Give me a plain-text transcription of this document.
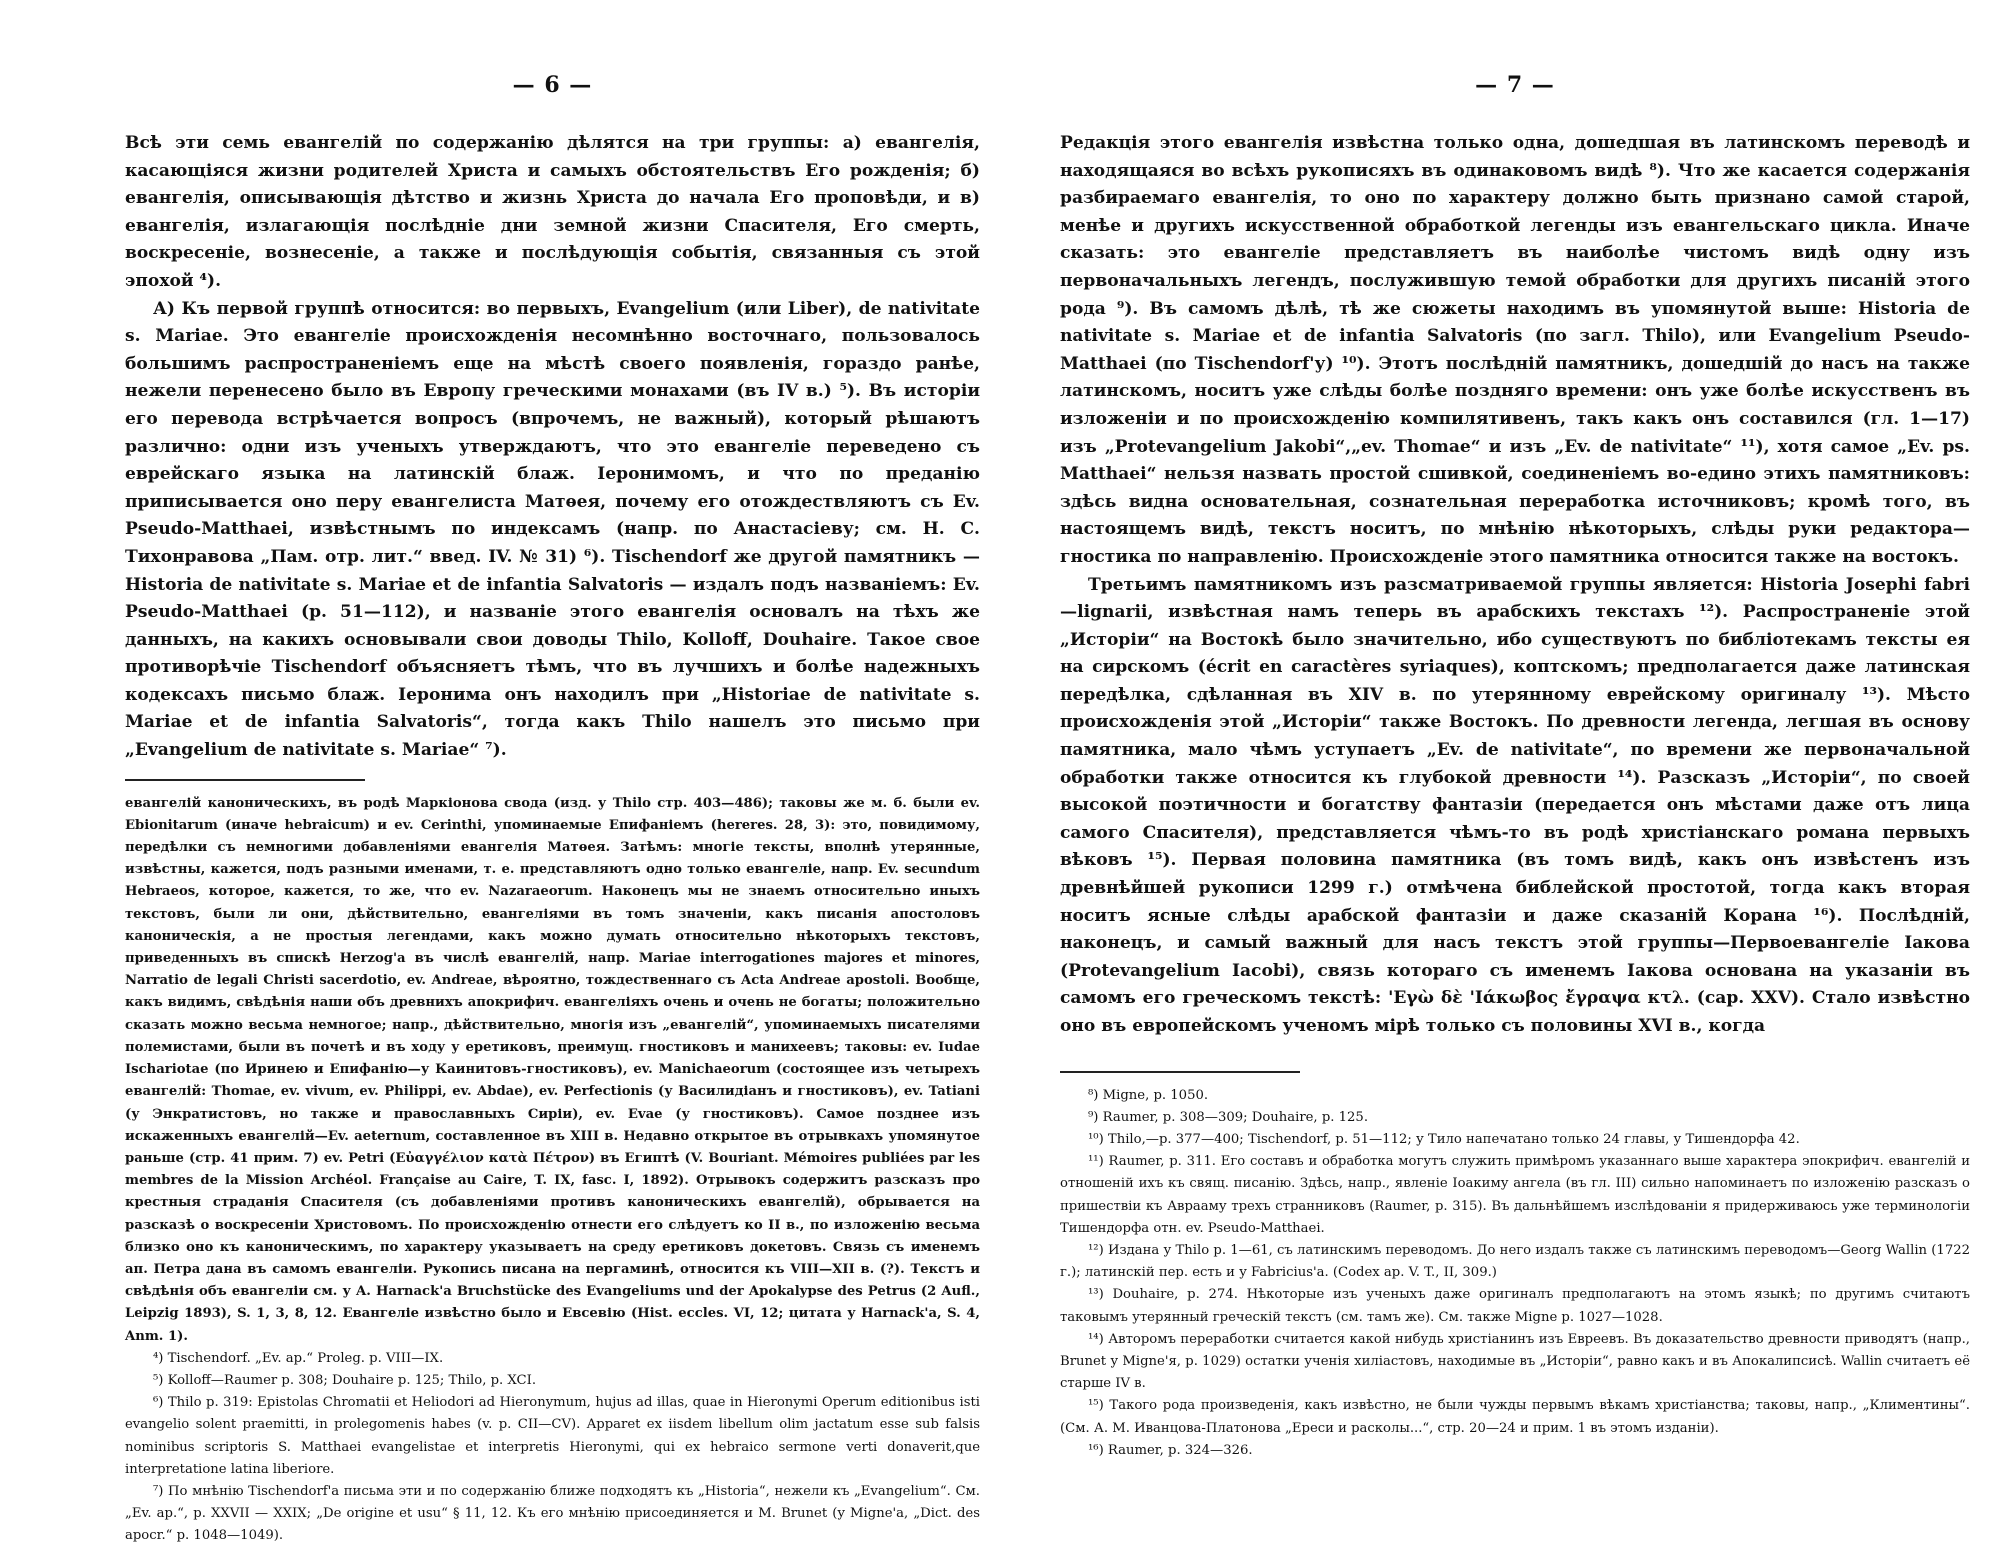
— 6 —

Всѣ эти семь евангелій по содержанію дѣлятся на три группы: а) евангелія, касающіяся жизни родителей Христа и самыхъ обстоятельствъ Его рожденія; б) евангелія, описывающія дѣтство и жизнь Христа до начала Его проповѣди, и в) евангелія, излагающія послѣдніе дни земной жизни Спасителя, Его смерть, воскресеніе, вознесеніе, а также и послѣдующія событія, связанныя съ этой эпохой ⁴).

А) Къ первой группѣ относится: во первыхъ, Evangelium (или Liber), de nativitate s. Mariae. Это евангеліе происхожденія несомнѣнно восточнаго, пользовалось большимъ распространеніемъ еще на мѣстѣ своего появленія, гораздо ранѣе, нежели перенесено было въ Европу греческими монахами (въ IV в.) ⁵). Въ исторіи его перевода встрѣчается вопросъ (впрочемъ, не важный), который рѣшаютъ различно: одни изъ ученыхъ утверждаютъ, что это евангеліе переведено съ еврейскаго языка на латинскій блаж. Іеронимомъ, и что по преданію приписывается оно перу евангелиста Матѳея, почему его отождествляютъ съ Ev. Pseudo-Matthaei, извѣстнымъ по индексамъ (напр. по Анастасіеву; см. Н. С. Тихонравова „Пам. отр. лит.“ введ. IV. № 31) ⁶). Tischendorf же другой памятникъ — Historia de nativitate s. Mariae et de infantia Salvatoris — издалъ подъ названіемъ: Ev. Pseudo-Matthaei (p. 51—112), и названіе этого евангелія основалъ на тѣхъ же данныхъ, на какихъ основывали свои доводы Thilo, Kolloff, Douhaire. Такое свое противорѣчіе Tischendorf объясняетъ тѣмъ, что въ лучшихъ и болѣе надежныхъ кодексахъ письмо блаж. Іеронима онъ находилъ при „Historiae de nativitate s. Mariae et de infantia Salvatoris“, тогда какъ Thilo нашелъ это письмо при „Evangelium de nativitate s. Mariae“ ⁷).

евангелій каноническихъ, въ родѣ Маркіонова свода (изд. у Thilo стр. 403—486); таковы же м. б. были ev. Ebionitarum (иначе hebraicum) и ev. Cerinthi, упоминаемые Епифаніемъ (hereres. 28, 3): это, повидимому, передѣлки съ немногими добавленіями евангелія Матѳея. Затѣмъ: многіе тексты, вполнѣ утерянные, извѣстны, кажется, подъ разными именами, т. е. представляютъ одно только евангеліе, напр. Ev. secundum Hebraeos, которое, кажется, то же, что ev. Nazaraeorum. Наконецъ мы не знаемъ относительно иныхъ текстовъ, были ли они, дѣйствительно, евангеліями въ томъ значеніи, какъ писанія апостоловъ каноническія, а не простыя легендами, какъ можно думать относительно нѣкоторыхъ текстовъ, приведенныхъ въ спискѣ Herzog'а въ числѣ евангелій, напр. Mariae interrogationes majores et minores, Narratio de legali Christi sacerdotio, ev. Andreae, вѣроятно, тождественнаго съ Acta Andreae apostoli. Вообще, какъ видимъ, свѣдѣнія наши объ древнихъ апокрифич. евангеліяхъ очень и очень не богаты; положительно сказать можно весьма немногое; напр., дѣйствительно, многія изъ „евангелій“, упоминаемыхъ писателями полемистами, были въ почетѣ и въ ходу у еретиковъ, преимущ. гностиковъ и манихеевъ; таковы: ev. Iudae Ischariotae (по Иринею и Епифанію—у Каинитовъ-гностиковъ), ev. Manichaeorum (состоящее изъ четырехъ евангелій: Thomae, ev. vivum, ev. Philippi, ev. Abdae), ev. Perfectionis (у Василидіанъ и гностиковъ), ev. Tatiani (у Энкратистовъ, но также и православныхъ Сиріи), ev. Evae (у гностиковъ). Самое позднее изъ искаженныхъ евангелій—Ev. aeternum, составленное въ XIII в. Недавно открытое въ отрывкахъ упомянутое раньше (стр. 41 прим. 7) ev. Petri (Εὐαγγέλιον κατὰ Πέτρον) въ Египтѣ (V. Bouriant. Mémoires publiées par les membres de la Mission Archéol. Française au Caire, T. IX, fasc. I, 1892). Отрывокъ содержитъ разсказъ про крестныя страданія Спасителя (съ добавленіями противъ каноническихъ евангелій), обрывается на разсказѣ о воскресеніи Христовомъ. По происхожденію отнести его слѣдуетъ ко II в., по изложенію весьма близко оно къ каноническимъ, по характеру указываетъ на среду еретиковъ докетовъ. Связь съ именемъ ап. Петра дана въ самомъ евангеліи. Рукопись писана на пергаминѣ, относится къ VIII—XII в. (?). Текстъ и свѣдѣнія объ евангеліи см. у A. Harnack'а Bruchstücke des Evangeliums und der Apokalypse des Petrus (2 Aufl., Leipzig 1893), S. 1, 3, 8, 12. Евангеліе извѣстно было и Евсевію (Hist. eccles. VI, 12; цитата у Harnack'а, S. 4, Anm. 1).

⁴) Tischendorf. „Ev. ap.“ Proleg. p. VIII—IX.

⁵) Kolloff—Raumer p. 308; Douhaire p. 125; Thilo, p. XCI.

⁶) Thilo p. 319: Epistolas Chromatii et Heliodori ad Hieronymum, hujus ad illas, quae in Hieronymi Operum editionibus isti evangelio solent praemitti, in prolegomenis habes (v. p. CII—CV). Apparet ex iisdem libellum olim jactatum esse sub falsis nominibus scriptoris S. Matthaei evangelistae et interpretis Hieronymi, qui ex hebraico sermone verti donaverit,que interpretatione latina liberiore.

⁷) По мнѣнію Tischendorf'а письма эти и по содержанію ближе подходятъ къ „Historia“, нежели къ „Evangelium“. См. „Ev. ap.“, p. XXVII — XXIX; „De origine et usu“ § 11, 12. Къ его мнѣнію присоединяется и M. Brunet (y Migne'a, „Dict. des apocr.“ p. 1048—1049).

— 7 —

Редакція этого евангелія извѣстна только одна, дошедшая въ латинскомъ переводѣ и находящаяся во всѣхъ рукописяхъ въ одинаковомъ видѣ ⁸). Что же касается содержанія разбираемаго евангелія, то оно по характеру должно быть признано самой старой, менѣе и другихъ искусственной обработкой легенды изъ евангельскаго цикла. Иначе сказать: это евангеліе представляетъ въ наиболѣе чистомъ видѣ одну изъ первоначальныхъ легендъ, послужившую темой обработки для другихъ писаній этого рода ⁹). Въ самомъ дѣлѣ, тѣ же сюжеты находимъ въ упомянутой выше: Historia de nativitate s. Mariae et de infantia Salvatoris (по загл. Thilo), или Evangelium Pseudo-Matthaei (по Tischendorf'у) ¹⁰). Этотъ послѣдній памятникъ, дошедшій до насъ на также латинскомъ, носитъ уже слѣды болѣе поздняго времени: онъ уже болѣе искусственъ въ изложеніи и по происхожденію компилятивенъ, такъ какъ онъ составился (гл. 1—17) изъ „Protevangelium Jakobi“,„ev. Thomae“ и изъ „Ev. de nativitate“ ¹¹), хотя самое „Ev. ps. Matthaei“ нельзя назвать простой сшивкой, соединеніемъ во-едино этихъ памятниковъ: здѣсь видна основательная, сознательная переработка источниковъ; кромѣ того, въ настоящемъ видѣ, текстъ носитъ, по мнѣнію нѣкоторыхъ, слѣды руки редактора—гностика по направленію. Происхожденіе этого памятника относится также на востокъ.

Третьимъ памятникомъ изъ разсматриваемой группы является: Historia Josephi fabri—lignarii, извѣстная намъ теперь въ арабскихъ текстахъ ¹²). Распространеніе этой „Исторіи“ на Востокѣ было значительно, ибо существуютъ по библіотекамъ тексты ея на сирскомъ (écrit en caractères syriaques), коптскомъ; предполагается даже латинская передѣлка, сдѣланная въ XIV в. по утерянному еврейскому оригиналу ¹³). Мѣсто происхожденія этой „Исторіи“ также Востокъ. По древности легенда, легшая въ основу памятника, мало чѣмъ уступаетъ „Ev. de nativitate“, по времени же первоначальной обработки также относится къ глубокой древности ¹⁴). Разсказъ „Исторіи“, по своей высокой поэтичности и богатству фантазіи (передается онъ мѣстами даже отъ лица самого Спасителя), представляется чѣмъ-то въ родѣ христіанскаго романа первыхъ вѣковъ ¹⁵). Первая половина памятника (въ томъ видѣ, какъ онъ извѣстенъ изъ древнѣйшей рукописи 1299 г.) отмѣчена библейской простотой, тогда какъ вторая носитъ ясные слѣды арабской фантазіи и даже сказаній Корана ¹⁶). Послѣдній, наконецъ, и самый важный для насъ текстъ этой группы—Первоевангеліе Іакова (Protevangelium Iacobi), связь котораго съ именемъ Іакова основана на указаніи въ самомъ его греческомъ текстѣ: 'Εγὼ δὲ 'Ιάκωβος ἔγραψα κτλ. (cap. XXV). Стало извѣстно оно въ европейскомъ ученомъ мірѣ только съ половины XVI в., когда

⁸) Migne, p. 1050.

⁹) Raumer, p. 308—309; Douhaire, p. 125.

¹⁰) Thilo,—p. 377—400; Tischendorf, p. 51—112; у Тило напечатано только 24 главы, у Тишендорфа 42.

¹¹) Raumer, p. 311. Его составъ и обработка могутъ служить примѣромъ указаннаго выше характера эпокрифич. евангелій и отношеній ихъ къ свящ. писанію. Здѣсь, напр., явленіе Іоакиму ангела (въ гл. III) сильно напоминаетъ по изложенію разсказъ о пришествіи къ Аврааму трехъ странниковъ (Raumer, p. 315). Въ дальнѣйшемъ изслѣдованіи я придерживаюсь уже терминологіи Тишендорфа отн. ev. Pseudo-Matthaei.

¹²) Издана у Thilo p. 1—61, съ латинскимъ переводомъ. До него издалъ также съ латинскимъ переводомъ—Georg Wallin (1722 г.); латинскій пер. есть и у Fabricius'а. (Codex ap. V. T., II, 309.)

¹³) Douhaire, p. 274. Нѣкоторые изъ ученыхъ даже оригиналъ предполагаютъ на этомъ языкѣ; по другимъ считаютъ таковымъ утерянный греческій текстъ (см. тамъ же). См. также Migne p. 1027—1028.

¹⁴) Авторомъ переработки считается какой нибудь христіанинъ изъ Евреевъ. Въ доказательство древности приводятъ (напр., Brunet у Migne'я, p. 1029) остатки ученія хиліастовъ, находимые въ „Исторіи“, равно какъ и въ Апокалипсисѣ. Wallin считаетъ её старше IV в.

¹⁵) Такого рода произведенія, какъ извѣстно, не были чужды первымъ вѣкамъ христіанства; таковы, напр., „Климентины“. (См. А. М. Иванцова-Платонова „Ереси и расколы...“, стр. 20—24 и прим. 1 въ этомъ изданіи).

¹⁶) Raumer, p. 324—326.
